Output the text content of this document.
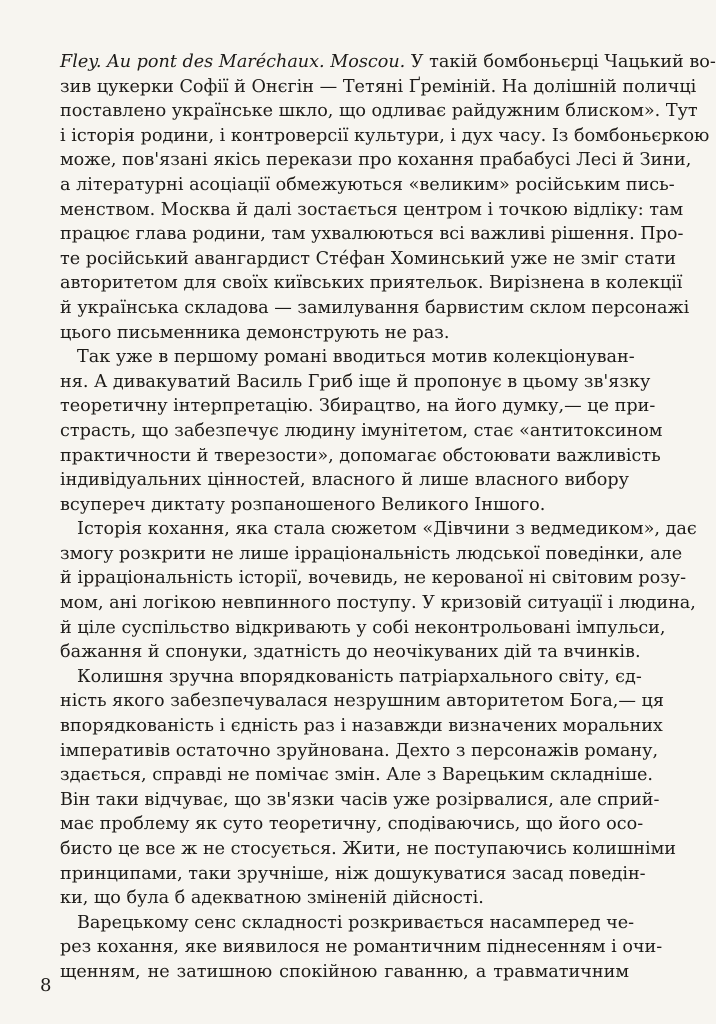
Fley. Au pont des Maréchaux. Moscou. У такій бомбоньєрці Чацький во-
зив цукерки Софії й Онєгін — Тетяні Ґреміній. На долішній поличці
поставлено українське шкло, що одливає райдужним блиском». Тут
і історія родини, і контроверсії культури, і дух часу. Із бомбоньєркою
може, пов'язані якісь перекази про кохання прабабусі Лесі й Зини,
а літературні асоціації обмежуються «великим» російським пись-
менством. Москва й далі зостається центром і точкою відліку: там
працює глава родини, там ухвалюються всі важливі рішення. Про-
те російський авангардист Стéфан Хоминський уже не зміг стати
авторитетом для своїх київських приятельок. Вирізнена в колекції
й українська складова — замилування барвистим склом персонажі
цього письменника демонструють не раз.
Так уже в першому романі вводиться мотив колекціонуван-
ня. А дивакуватий Василь Гриб іще й пропонує в цьому зв'язку
теоретичну інтерпретацію. Збирацтво, на його думку,— це при-
страсть, що забезпечує людину імунітетом, стає «антитоксином
практичности й тверезости», допомагає обстоювати важливість
індивідуальних цінностей, власного й лише власного вибору
всупереч диктату розпаношеного Великого Іншого.
Історія кохання, яка стала сюжетом «Дівчини з ведмедиком», дає
змогу розкрити не лише ірраціональність людської поведінки, але
й ірраціональність історії, вочевидь, не керованої ні світовим розу-
мом, ані логікою невпинного поступу. У кризовій ситуації і людина,
й ціле суспільство відкривають у собі неконтрольовані імпульси,
бажання й спонуки, здатність до неочікуваних дій та вчинків.
Колишня зручна впорядкованість патріархального світу, єд-
ність якого забезпечувалася незрушним авторитетом Бога,— ця
впорядкованість і єдність раз і назавжди визначених моральних
імперативів остаточно зруйнована. Дехто з персонажів роману,
здається, справді не помічає змін. Але з Варецьким складніше.
Він таки відчуває, що зв'язки часів уже розірвалися, але сприй-
має проблему як суто теоретичну, сподіваючись, що його осо-
бисто це все ж не стосується. Жити, не поступаючись колишніми
принципами, таки зручніше, ніж дошукуватися засад поведін-
ки, що була б адекватною зміненій дійсності.
Варецькому сенс складності розкривається насамперед че-
рез кохання, яке виявилося не романтичним піднесенням і очи-
щенням, не затишною спокійною гаванню, а травматичним
8
